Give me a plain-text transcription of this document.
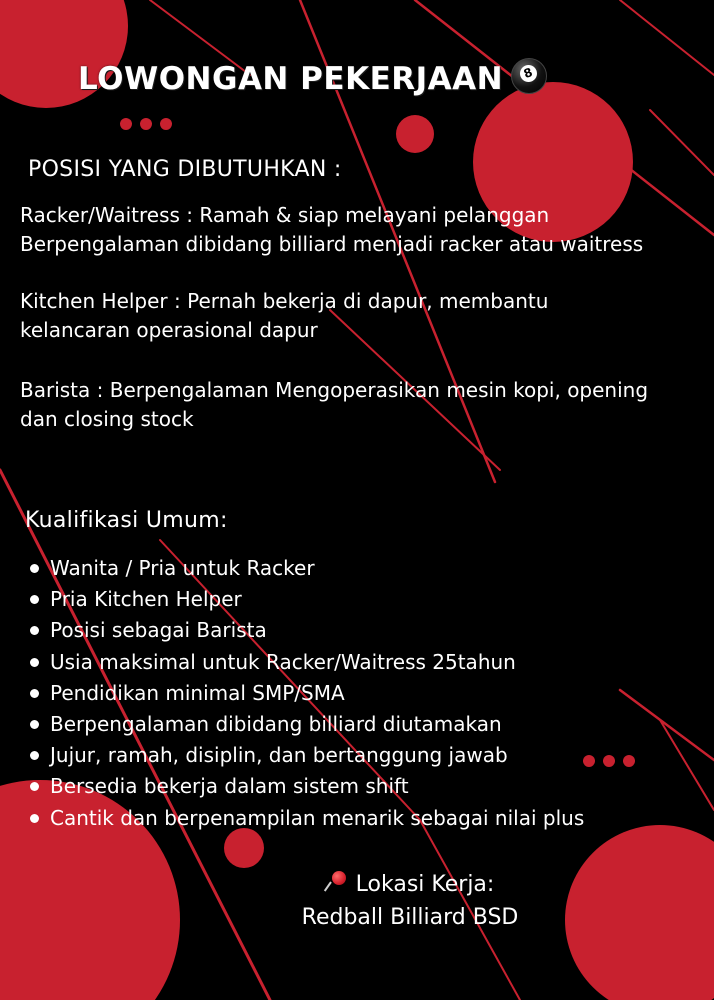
LOWONGAN PEKERJAAN	8
POSISI YANG DIBUTUHKAN :

Racker/Waitress : Ramah & siap melayani pelanggan

Berpengalaman dibidang billiard menjadi racker atau waitress

Kitchen Helper : Pernah bekerja di dapur, membantu

kelancaran operasional dapur

Barista : Berpengalaman Mengoperasikan mesin kopi, opening

dan closing stock

Kualifikasi Umum:
Wanita / Pria untuk Racker
Pria Kitchen Helper
Posisi sebagai Barista
Usia maksimal untuk Racker/Waitress 25tahun
Pendidikan minimal SMP/SMA
Berpengalaman dibidang billiard diutamakan
Jujur, ramah, disiplin, dan bertanggung jawab
Bersedia bekerja dalam sistem shift
Cantik dan berpenampilan menarik sebagai nilai plus
Lokasi Kerja:
Redball Billiard BSD
